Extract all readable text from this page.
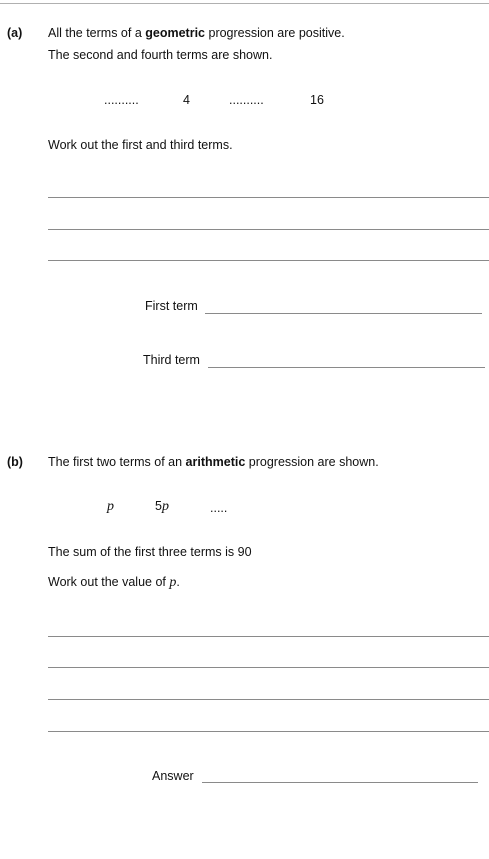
(a) All the terms of a geometric progression are positive.
The second and fourth terms are shown.
..........	4	..........	16
Work out the first and third terms.
First term
Third term
(b) The first two terms of an arithmetic progression are shown.
p	5p	.....
The sum of the first three terms is 90
Work out the value of p.
Answer
